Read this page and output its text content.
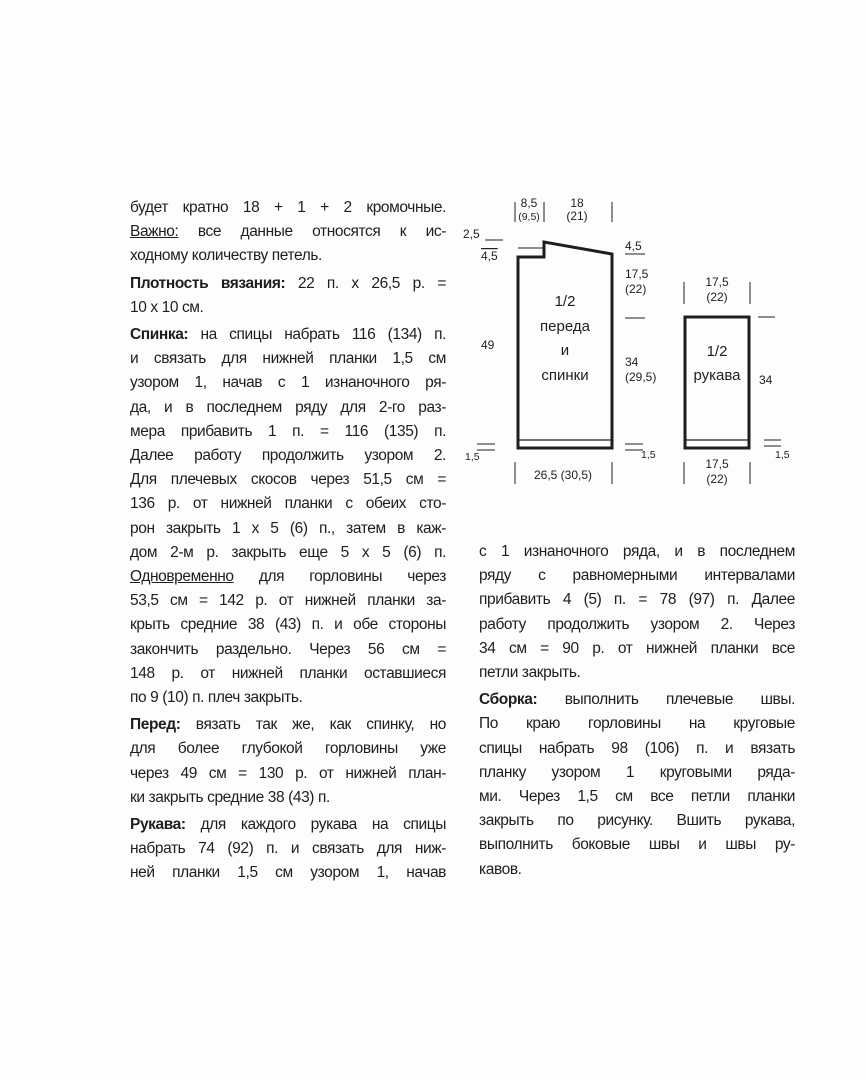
будет кратно 18 + 1 + 2 кромочные.

Важно: все данные относятся к ис-

ходному количеству петель.

Плотность вязания: 22 п. х 26,5 р. =

10 х 10 см.

Спинка: на спицы набрать 116 (134) п.

и связать для нижней планки 1,5 см

узором 1, начав с 1 изнаночного ря-

да, и в последнем ряду для 2-го раз-

мера прибавить 1 п. = 116 (135) п.

Далее работу продолжить узором 2.

Для плечевых скосов через 51,5 см =

136 р. от нижней планки с обеих сто-

рон закрыть 1 х 5 (6) п., затем в каж-

дом 2-м р. закрыть еще 5 х 5 (6) п.

Одновременно для горловины через

53,5 см = 142 р. от нижней планки за-

крыть средние 38 (43) п. и обе стороны

закончить раздельно. Через 56 см =

148 р. от нижней планки оставшиеся

по 9 (10) п. плеч закрыть.

Перед: вязать так же, как спинку, но

для более глубокой горловины уже

через 49 см = 130 р. от нижней план-

ки закрыть средние 38 (43) п.

Рукава: для каждого рукава на спицы

набрать 74 (92) п. и связать для ниж-

ней планки 1,5 см узором 1, начав

8,5
(9,5)
18
(21)
2,5
4,5
4,5
17,5
(22)
49
1/2
переда
и
спинки
34
(29,5)
1,5	1,5
26,5 (30,5)
17,5
(22)
1/2
рукава 34
1,5
17,5
(22)

с 1 изнаночного ряда, и в последнем

ряду с равномерными интервалами

прибавить 4 (5) п. = 78 (97) п. Далее

работу продолжить узором 2. Через

34 см = 90 р. от нижней планки все

петли закрыть.

Сборка: выполнить плечевые швы.

По краю горловины на круговые

спицы набрать 98 (106) п. и вязать

планку узором 1 круговыми ряда-

ми. Через 1,5 см все петли планки

закрыть по рисунку. Вшить рукава,

выполнить боковые швы и швы ру-

кавов.
